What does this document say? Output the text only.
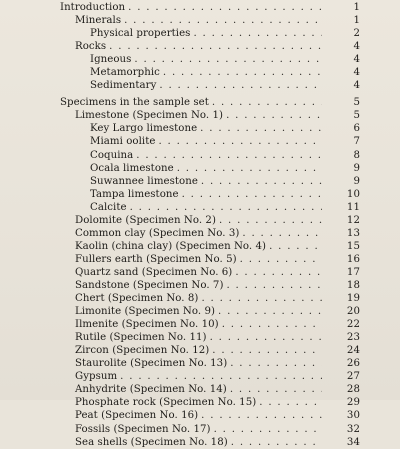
Introduction . . .	1
Minerals . . .	1
Physical properties . . .	2
Rocks . . .	4
Igneous . . .	4
Metamorphic . . .	4
Sedimentary . . .	4
Specimens in the sample set . . .	5
Limestone (Specimen No. 1) . . .	5
Key Largo limestone . . .	6
Miami oolite . . .	7
Coquina . . .	8
Ocala limestone . . .	9
Suwannee limestone . . .	9
Tampa limestone . . .	10
Calcite . . .	11
Dolomite (Specimen No. 2) . . .	12
Common clay (Specimen No. 3) . . .	13
Kaolin (china clay) (Specimen No. 4) . . .	15
Fullers earth (Specimen No. 5) . . .	16
Quartz sand (Specimen No. 6) . . .	17
Sandstone (Specimen No. 7) . . .	18
Chert (Specimen No. 8) . . .	19
Limonite (Specimen No. 9) . . .	20
Ilmenite (Specimen No. 10) . . .	22
Rutile (Specimen No. 11) . . .	23
Zircon (Specimen No. 12) . . .	24
Staurolite (Specimen No. 13) . . .	26
Gypsum . . .	27
Anhydrite (Specimen No. 14) . . .	28
Phosphate rock (Specimen No. 15) . . .	29
Peat (Specimen No. 16) . . .	30
Fossils (Specimen No. 17) . . .	32
Sea shells (Specimen No. 18) . . .	34
